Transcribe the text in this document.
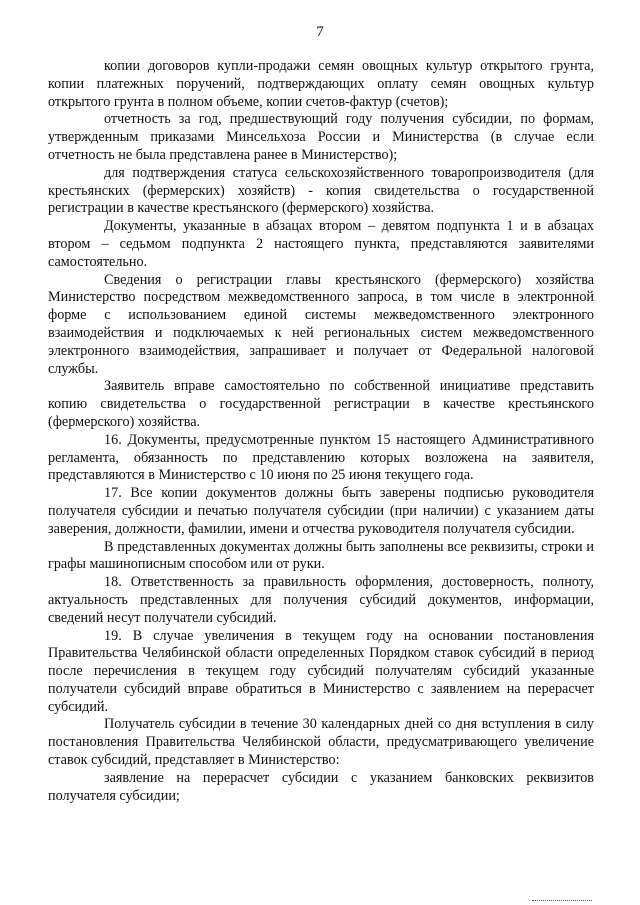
7

копии договоров купли-продажи семян овощных культур открытого грунта, копии платежных поручений, подтверждающих оплату семян овощных культур открытого грунта в полном объеме, копии счетов-фактур (счетов);

отчетность за год, предшествующий году получения субсидии, по формам, утвержденным приказами Минсельхоза России и Министерства (в случае если отчетность не была представлена ранее в Министерство);

для подтверждения статуса сельскохозяйственного товаропроизводителя (для крестьянских (фермерских) хозяйств) - копия свидетельства о государственной регистрации в качестве крестьянского (фермерского) хозяйства.

Документы, указанные в абзацах втором – девятом подпункта 1 и в абзацах втором – седьмом подпункта 2 настоящего пункта, представляются заявителями самостоятельно.

Сведения о регистрации главы крестьянского (фермерского) хозяйства Министерство посредством межведомственного запроса, в том числе в электронной форме с использованием единой системы межведомственного электронного взаимодействия и подключаемых к ней региональных систем межведомственного электронного взаимодействия, запрашивает и получает от Федеральной налоговой службы.

Заявитель вправе самостоятельно по собственной инициативе представить копию свидетельства о государственной регистрации в качестве крестьянского (фермерского) хозяйства.

16. Документы, предусмотренные пунктом 15 настоящего Административного регламента, обязанность по представлению которых возложена на заявителя, представляются в Министерство с 10 июня по 25 июня текущего года.

17. Все копии документов должны быть заверены подписью руководителя получателя субсидии и печатью получателя субсидии (при наличии) с указанием даты заверения, должности, фамилии, имени и отчества руководителя получателя субсидии.

В представленных документах должны быть заполнены все реквизиты, строки и графы машинописным способом или от руки.

18. Ответственность за правильность оформления, достоверность, полноту, актуальность представленных для получения субсидий документов, информации, сведений несут получатели субсидий.

19. В случае увеличения в текущем году на основании постановления Правительства Челябинской области определенных Порядком ставок субсидий в период после перечисления в текущем году субсидий получателям субсидий указанные получатели субсидий вправе обратиться в Министерство с заявлением на перерасчет субсидий.

Получатель субсидии в течение 30 календарных дней со дня вступления в силу постановления Правительства Челябинской области, предусматривающего увеличение ставок субсидий, представляет в Министерство:

заявление на перерасчет субсидии с указанием банковских реквизитов получателя субсидии;
